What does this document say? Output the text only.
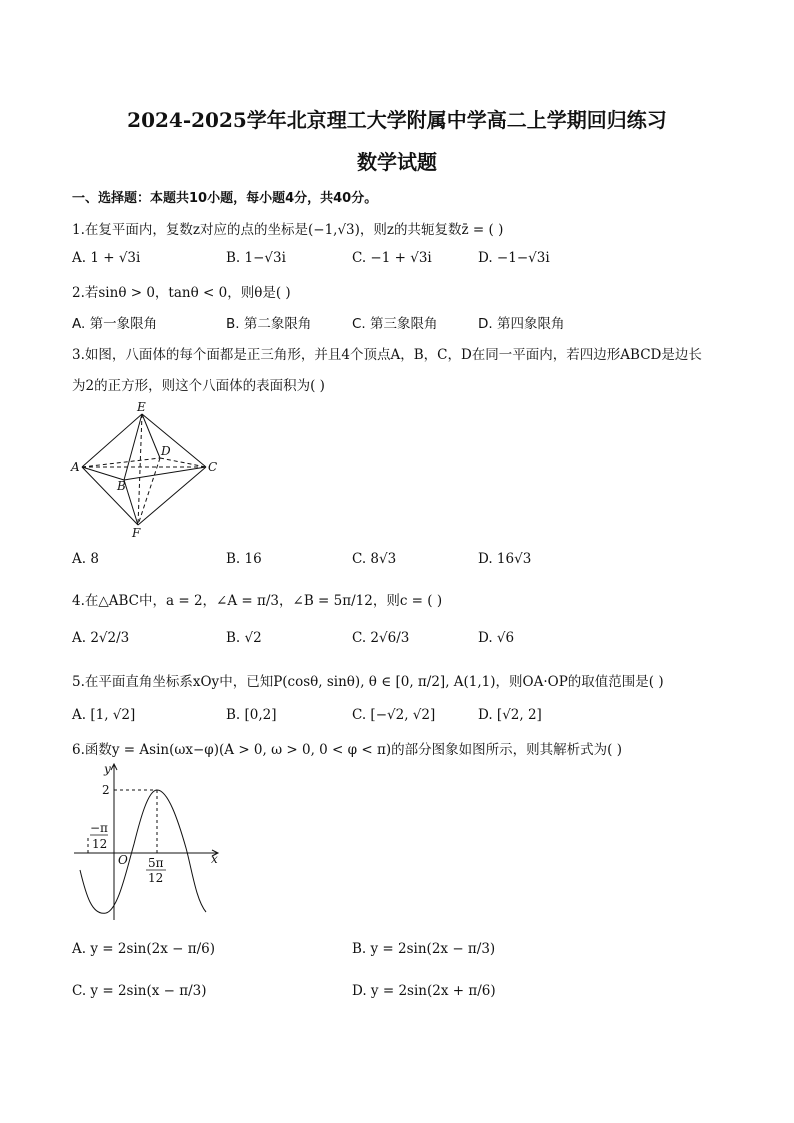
2024-2025学年北京理工大学附属中学高二上学期回归练习
数学试题
一、选择题：本题共10小题，每小题4分，共40分。
1.在复平面内，复数z对应的点的坐标是(−1,√3)，则z的共轭复数z̄ = ( )
A. 1 + √3i	B. 1−√3i	C. −1 + √3i	D. −1−√3i
2.若sinθ > 0，tanθ < 0，则θ是( )
A. 第一象限角	B. 第二象限角	C. 第三象限角	D. 第四象限角
3.如图，八面体的每个面都是正三角形，并且4个顶点A，B，C，D在同一平面内，若四边形ABCD是边长
为2的正方形，则这个八面体的表面积为( )
E
A
B
C
D
F
A. 8	B. 16	C. 8√3	D. 16√3
4.在△ABC中，a = 2，∠A = π/3，∠B = 5π/12，则c = ( )
A. 2√2/3	B. √2	C. 2√6/3	D. √6
5.在平面直角坐标系xOy中，已知P(cosθ, sinθ), θ ∈ [0, π/2], A(1,1)，则OA·OP的取值范围是( )
A. [1, √2]	B. [0,2]	C. [−√2, √2]	D. [√2, 2]
6.函数y = Asin(ωx−φ)(A > 0, ω > 0, 0 < φ < π)的部分图象如图所示，则其解析式为( )
y
x
2
O
−π
12
5π
12
A. y = 2sin(2x − π/6)	B. y = 2sin(2x − π/3)
C. y = 2sin(x − π/3)	D. y = 2sin(2x + π/6)
